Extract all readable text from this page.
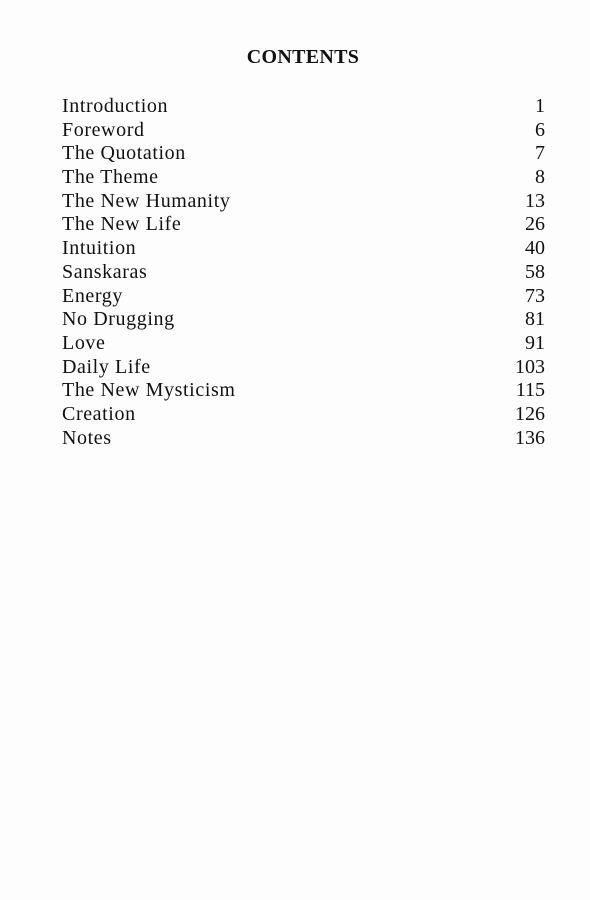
CONTENTS
Introduction	1
Foreword	6
The Quotation	7
The Theme	8
The New Humanity	13
The New Life	26
Intuition	40
Sanskaras	58
Energy	73
No Drugging	81
Love	91
Daily Life	103
The New Mysticism	115
Creation	126
Notes	136
